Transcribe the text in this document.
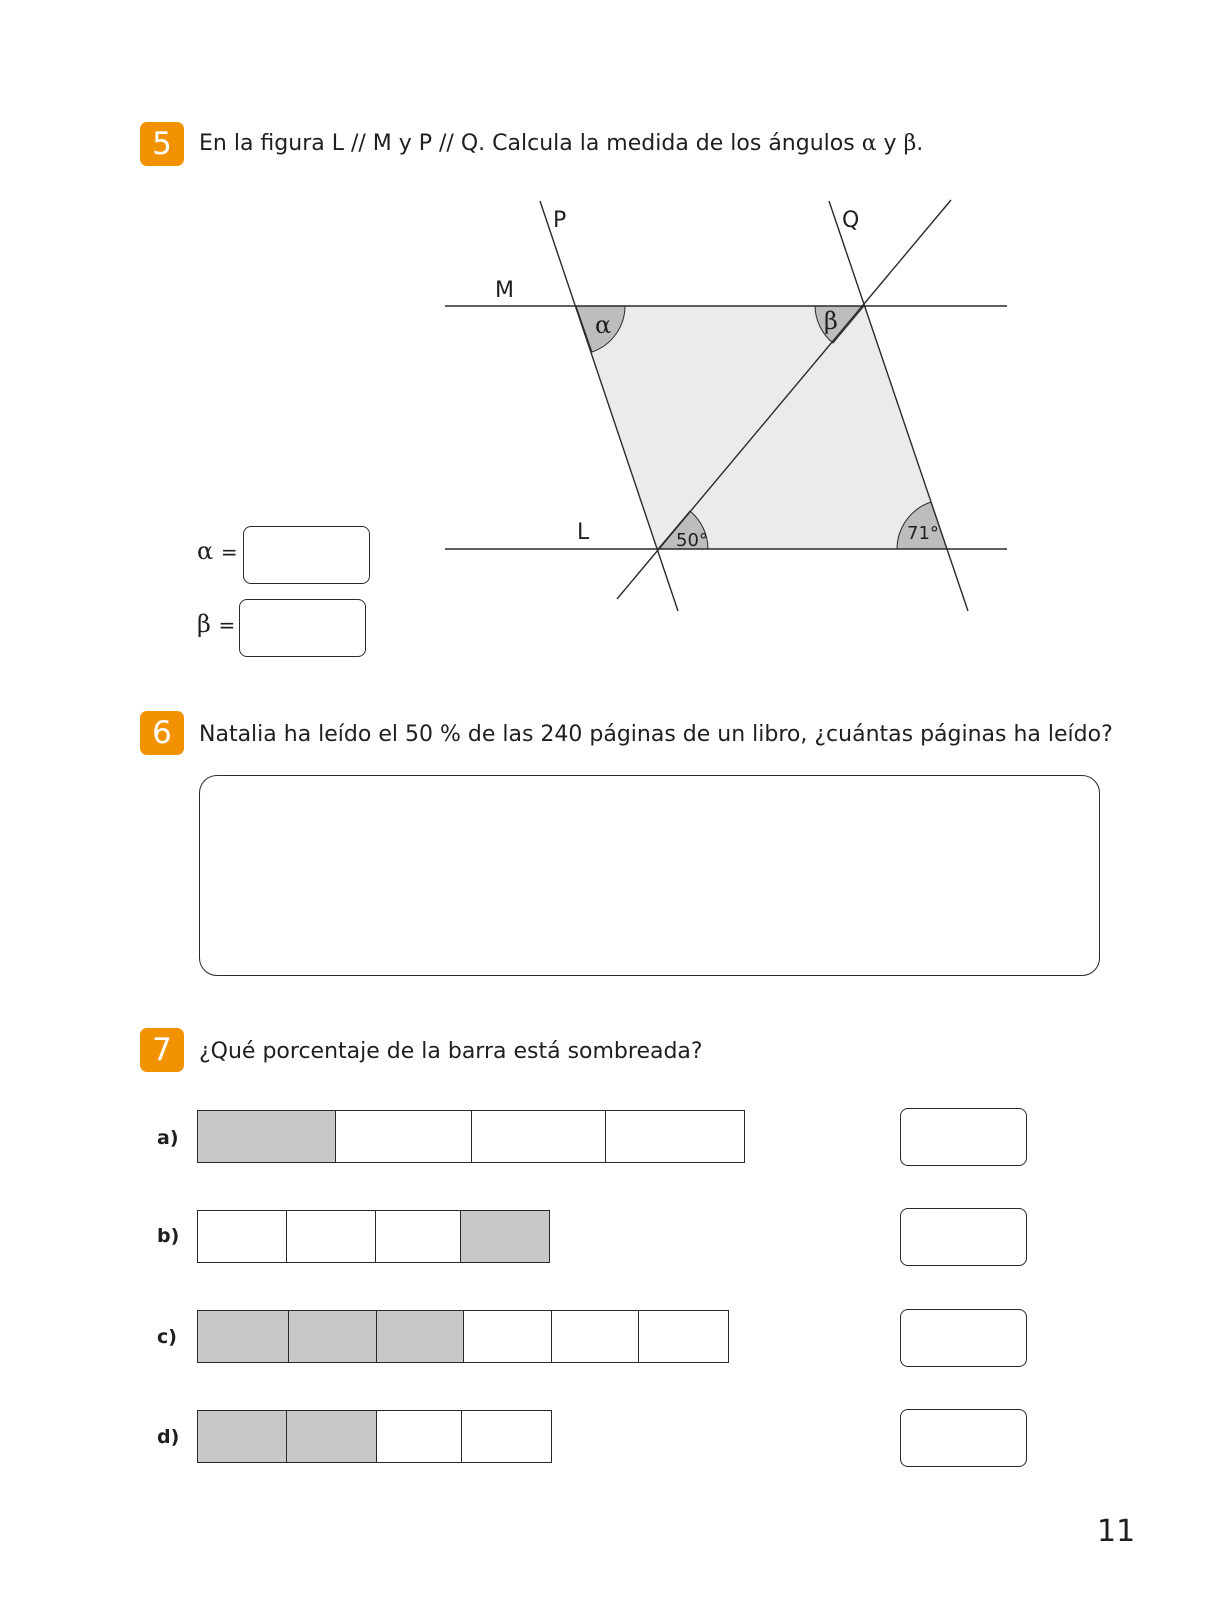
5	En la figura L // M y P // Q. Calcula la medida de los ángulos α y β.
P	Q
M
L
α	β
50°	71°
α =
β =
6	Natalia ha leído el 50 % de las 240 páginas de un libro, ¿cuántas páginas ha leído?
7	¿Qué porcentaje de la barra está sombreada?
a)
b)
c)
d)
11
